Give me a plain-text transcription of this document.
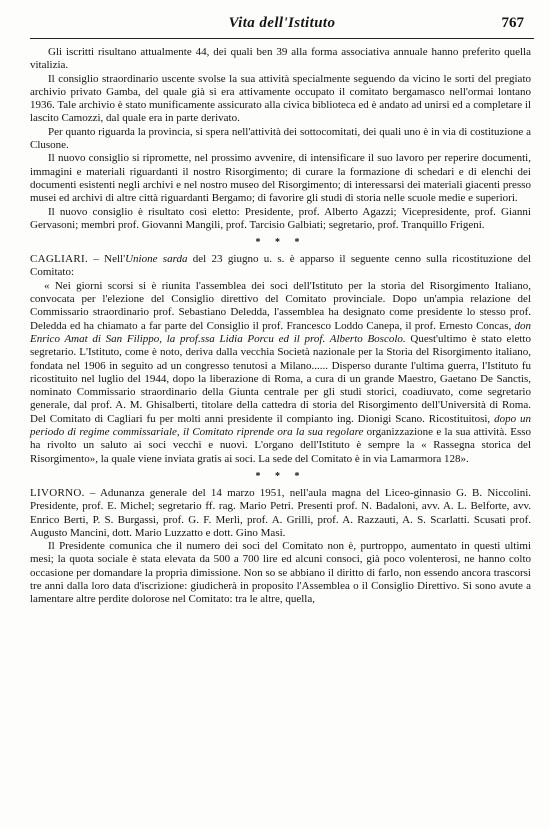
Vita dell'Istituto	767

Gli iscritti risultano attualmente 44, dei quali ben 39 alla forma associativa annuale hanno preferito quella vitalizia.

Il consiglio straordinario uscente svolse la sua attività specialmente seguendo da vicino le sorti del pregiato archivio privato Gamba, del quale già si era attivamente occupato il comitato bergamasco nell'ormai lontano 1936. Tale archivio è stato munificamente assicurato alla civica biblioteca ed è andato ad unirsi ed a completare il lascito Camozzi, dal quale era in parte derivato.

Per quanto riguarda la provincia, si spera nell'attività dei sottocomitati, dei quali uno è in via di costituzione a Clusone.

Il nuovo consiglio si ripromette, nel prossimo avvenire, di intensificare il suo lavoro per reperire documenti, immagini e materiali riguardanti il nostro Risorgimento; di curare la formazione di schedari e di elenchi dei documenti esistenti negli archivi e nel nostro museo del Risorgimento; di interessarsi dei materiali giacenti presso musei ed archivi di altre città riguardanti Bergamo; di favorire gli studi di storia nelle scuole medie e superiori.

Il nuovo consiglio è risultato così eletto: Presidente, prof. Alberto Agazzi; Vicepresidente, prof. Gianni Gervasoni; membri prof. Giovanni Mangili, prof. Tarcisio Galbiati; segretario, prof. Tranquillo Frigeni.

* * *

CAGLIARI. – Nell'Unione sarda del 23 giugno u. s. è apparso il seguente cenno sulla ricostituzione del Comitato:

« Nei giorni scorsi si è riunita l'assemblea dei soci dell'Istituto per la storia del Risorgimento Italiano, convocata per l'elezione del Consiglio direttivo del Comitato provinciale. Dopo un'ampia relazione del Commissario straordinario prof. Sebastiano Deledda, l'assemblea ha designato come presidente lo stesso prof. Deledda ed ha chiamato a far parte del Consiglio il prof. Francesco Loddo Canepa, il prof. Ernesto Concas, don Enrico Amat di San Filippo, la prof.ssa Lidia Porcu ed il prof. Alberto Boscolo. Quest'ultimo è stato eletto segretario. L'Istituto, come è noto, deriva dalla vecchia Società nazionale per la Storia del Risorgimento italiano, fondata nel 1906 in seguito ad un congresso tenutosi a Milano...... Disperso durante l'ultima guerra, l'Istituto fu ricostituito nel luglio del 1944, dopo la liberazione di Roma, a cura di un grande Maestro, Gaetano De Sanctis, nominato Commissario straordinario della Giunta centrale per gli studi storici, coadiuvato, come segretario generale, dal prof. A. M. Ghisalberti, titolare della cattedra di storia del Risorgimento dell'Università di Roma. Del Comitato di Cagliari fu per molti anni presidente il compianto ing. Dionigi Scano. Ricostituitosi, dopo un periodo di regime commissariale, il Comitato riprende ora la sua regolare organizzazione e la sua attività. Esso ha rivolto un saluto ai soci vecchi e nuovi. L'organo dell'Istituto è sempre la « Rassegna storica del Risorgimento», la quale viene inviata gratis ai soci. La sede del Comitato è in via Lamarmora 128».

* * *

LIVORNO. – Adunanza generale del 14 marzo 1951, nell'aula magna del Liceo-ginnasio G. B. Niccolini. Presidente, prof. E. Michel; segretario ff. rag. Mario Petri. Presenti prof. N. Badaloni, avv. A. L. Belforte, avv. Enrico Berti, P. S. Burgassi, prof. G. F. Merli, prof. A. Grilli, prof. A. Razzauti, A. S. Scarlatti. Scusati prof. Augusto Mancini, dott. Mario Luzzatto e dott. Gino Masi.

Il Presidente comunica che il numero dei soci del Comitato non è, purtroppo, aumentato in questi ultimi mesi; la quota sociale è stata elevata da 500 a 700 lire ed alcuni consoci, già poco volenterosi, ne hanno colto occasione per domandare la propria dimissione. Non so se abbiano il diritto di farlo, non essendo ancora trascorsi tre anni dalla loro data d'iscrizione: giudicherà in proposito l'Assemblea o il Consiglio Direttivo. Si sono avute a lamentare altre perdite dolorose nel Comitato: tra le altre, quella,
